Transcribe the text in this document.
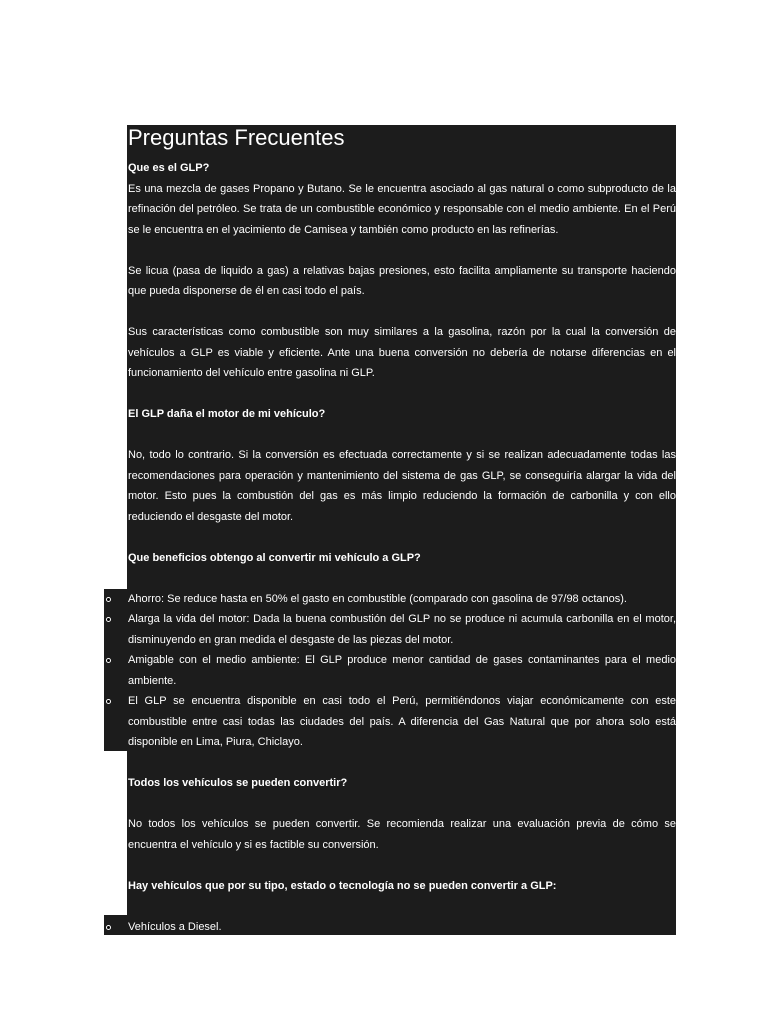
Preguntas Frecuentes

Que es el GLP?

Es una mezcla de gases Propano y Butano. Se le encuentra asociado al gas natural o como subproducto de la refinación del petróleo. Se trata de un combustible económico y responsable con el medio ambiente. En el Perú se le encuentra en el yacimiento de Camisea y también como producto en las refinerías.

Se licua (pasa de liquido a gas) a relativas bajas presiones, esto facilita ampliamente su transporte haciendo que pueda disponerse de él en casi todo el país.

Sus características como combustible son muy similares a la gasolina, razón por la cual la conversión de vehículos a GLP es viable y eficiente. Ante una buena conversión no debería de notarse diferencias en el funcionamiento del vehículo entre gasolina ni GLP.

El GLP daña el motor de mi vehículo?

No, todo lo contrario. Si la conversión es efectuada correctamente y si se realizan adecuadamente todas las recomendaciones para operación y mantenimiento del sistema de gas GLP, se conseguiría alargar la vida del motor. Esto pues la combustión del gas es más limpio reduciendo la formación de carbonilla y con ello reduciendo el desgaste del motor.

Que beneficios obtengo al convertir mi vehículo a GLP?

Ahorro: Se reduce hasta en 50% el gasto en combustible (comparado con gasolina de 97/98 octanos).
Alarga la vida del motor: Dada la buena combustión del GLP no se produce ni acumula carbonilla en el motor, disminuyendo en gran medida el desgaste de las piezas del motor.
Amigable con el medio ambiente: El GLP produce menor cantidad de gases contaminantes para el medio ambiente.
El GLP se encuentra disponible en casi todo el Perú, permitiéndonos viajar económicamente con este combustible entre casi todas las ciudades del país. A diferencia del Gas Natural que por ahora solo está disponible en Lima, Piura, Chiclayo.

Todos los vehículos se pueden convertir?

No todos los vehículos se pueden convertir. Se recomienda realizar una evaluación previa de cómo se encuentra el vehículo y si es factible su conversión.

Hay vehículos que por su tipo, estado o tecnología no se pueden convertir a GLP:

Vehículos a Diesel.
